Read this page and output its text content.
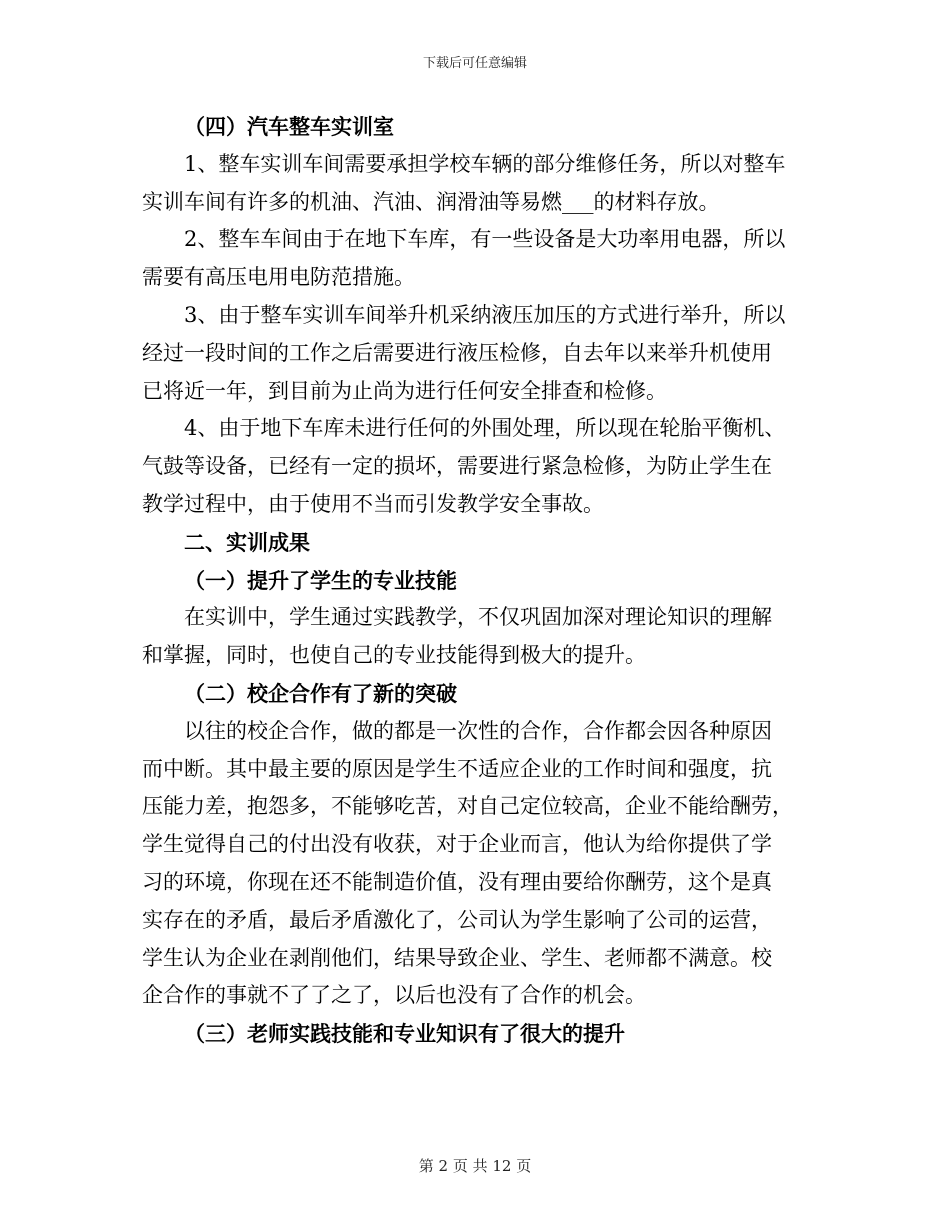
下载后可任意编辑
（四）汽车整车实训室
1、整车实训车间需要承担学校车辆的部分维修任务，所以对整车
实训车间有许多的机油、汽油、润滑油等易燃___的材料存放。
2、整车车间由于在地下车库，有一些设备是大功率用电器，所以
需要有高压电用电防范措施。
3、由于整车实训车间举升机采纳液压加压的方式进行举升，所以
经过一段时间的工作之后需要进行液压检修，自去年以来举升机使用
已将近一年，到目前为止尚为进行任何安全排查和检修。
4、由于地下车库未进行任何的外围处理，所以现在轮胎平衡机、
气鼓等设备，已经有一定的损坏，需要进行紧急检修，为防止学生在
教学过程中，由于使用不当而引发教学安全事故。
二、实训成果
（一）提升了学生的专业技能
在实训中，学生通过实践教学，不仅巩固加深对理论知识的理解
和掌握，同时，也使自己的专业技能得到极大的提升。
（二）校企合作有了新的突破
以往的校企合作，做的都是一次性的合作，合作都会因各种原因
而中断。其中最主要的原因是学生不适应企业的工作时间和强度，抗
压能力差，抱怨多，不能够吃苦，对自己定位较高，企业不能给酬劳，
学生觉得自己的付出没有收获，对于企业而言，他认为给你提供了学
习的环境，你现在还不能制造价值，没有理由要给你酬劳，这个是真
实存在的矛盾，最后矛盾激化了，公司认为学生影响了公司的运营，
学生认为企业在剥削他们，结果导致企业、学生、老师都不满意。校
企合作的事就不了了之了，以后也没有了合作的机会。
（三）老师实践技能和专业知识有了很大的提升
第 2 页 共 12 页
